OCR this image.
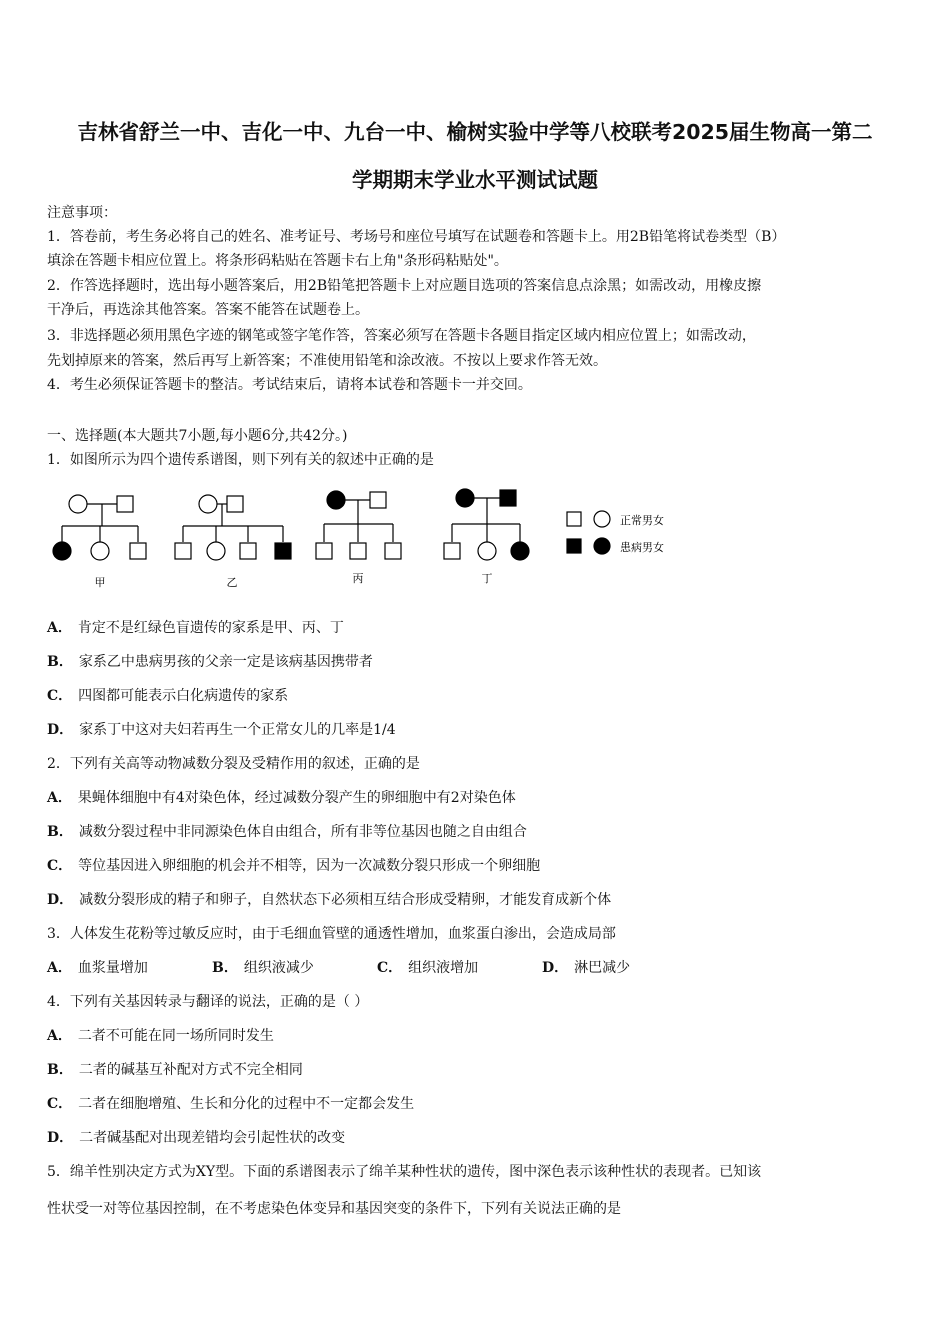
吉林省舒兰一中、吉化一中、九台一中、榆树实验中学等八校联考2025届生物高一第二
学期期末学业水平测试试题
注意事项：
1．答卷前，考生务必将自己的姓名、准考证号、考场号和座位号填写在试题卷和答题卡上。用2B铅笔将试卷类型（B）
填涂在答题卡相应位置上。将条形码粘贴在答题卡右上角"条形码粘贴处"。
2．作答选择题时，选出每小题答案后，用2B铅笔把答题卡上对应题目选项的答案信息点涂黑；如需改动，用橡皮擦
干净后，再选涂其他答案。答案不能答在试题卷上。
3．非选择题必须用黑色字迹的钢笔或签字笔作答，答案必须写在答题卡各题目指定区域内相应位置上；如需改动，
先划掉原来的答案，然后再写上新答案；不准使用铅笔和涂改液。不按以上要求作答无效。
4．考生必须保证答题卡的整洁。考试结束后，请将本试卷和答题卡一并交回。
一、选择题(本大题共7小题,每小题6分,共42分。)
1．如图所示为四个遗传系谱图，则下列有关的叙述中正确的是
甲	乙	丙	丁
正常男女
患病男女
A． 肯定不是红绿色盲遗传的家系是甲、丙、丁
B． 家系乙中患病男孩的父亲一定是该病基因携带者
C． 四图都可能表示白化病遗传的家系
D． 家系丁中这对夫妇若再生一个正常女儿的几率是1/4
2．下列有关高等动物减数分裂及受精作用的叙述，正确的是
A． 果蝇体细胞中有4对染色体，经过减数分裂产生的卵细胞中有2对染色体
B． 减数分裂过程中非同源染色体自由组合，所有非等位基因也随之自由组合
C． 等位基因进入卵细胞的机会并不相等，因为一次减数分裂只形成一个卵细胞
D． 减数分裂形成的精子和卵子，自然状态下必须相互结合形成受精卵，才能发育成新个体
3．人体发生花粉等过敏反应时，由于毛细血管壁的通透性增加，血浆蛋白渗出，会造成局部
A． 血浆量增加	B． 组织液减少	C． 组织液增加	D． 淋巴减少
4．下列有关基因转录与翻译的说法，正确的是（ ）
A． 二者不可能在同一场所同时发生
B． 二者的碱基互补配对方式不完全相同
C． 二者在细胞增殖、生长和分化的过程中不一定都会发生
D． 二者碱基配对出现差错均会引起性状的改变
5．绵羊性别决定方式为XY型。下面的系谱图表示了绵羊某种性状的遗传，图中深色表示该种性状的表现者。已知该
性状受一对等位基因控制，在不考虑染色体变异和基因突变的条件下，下列有关说法正确的是
